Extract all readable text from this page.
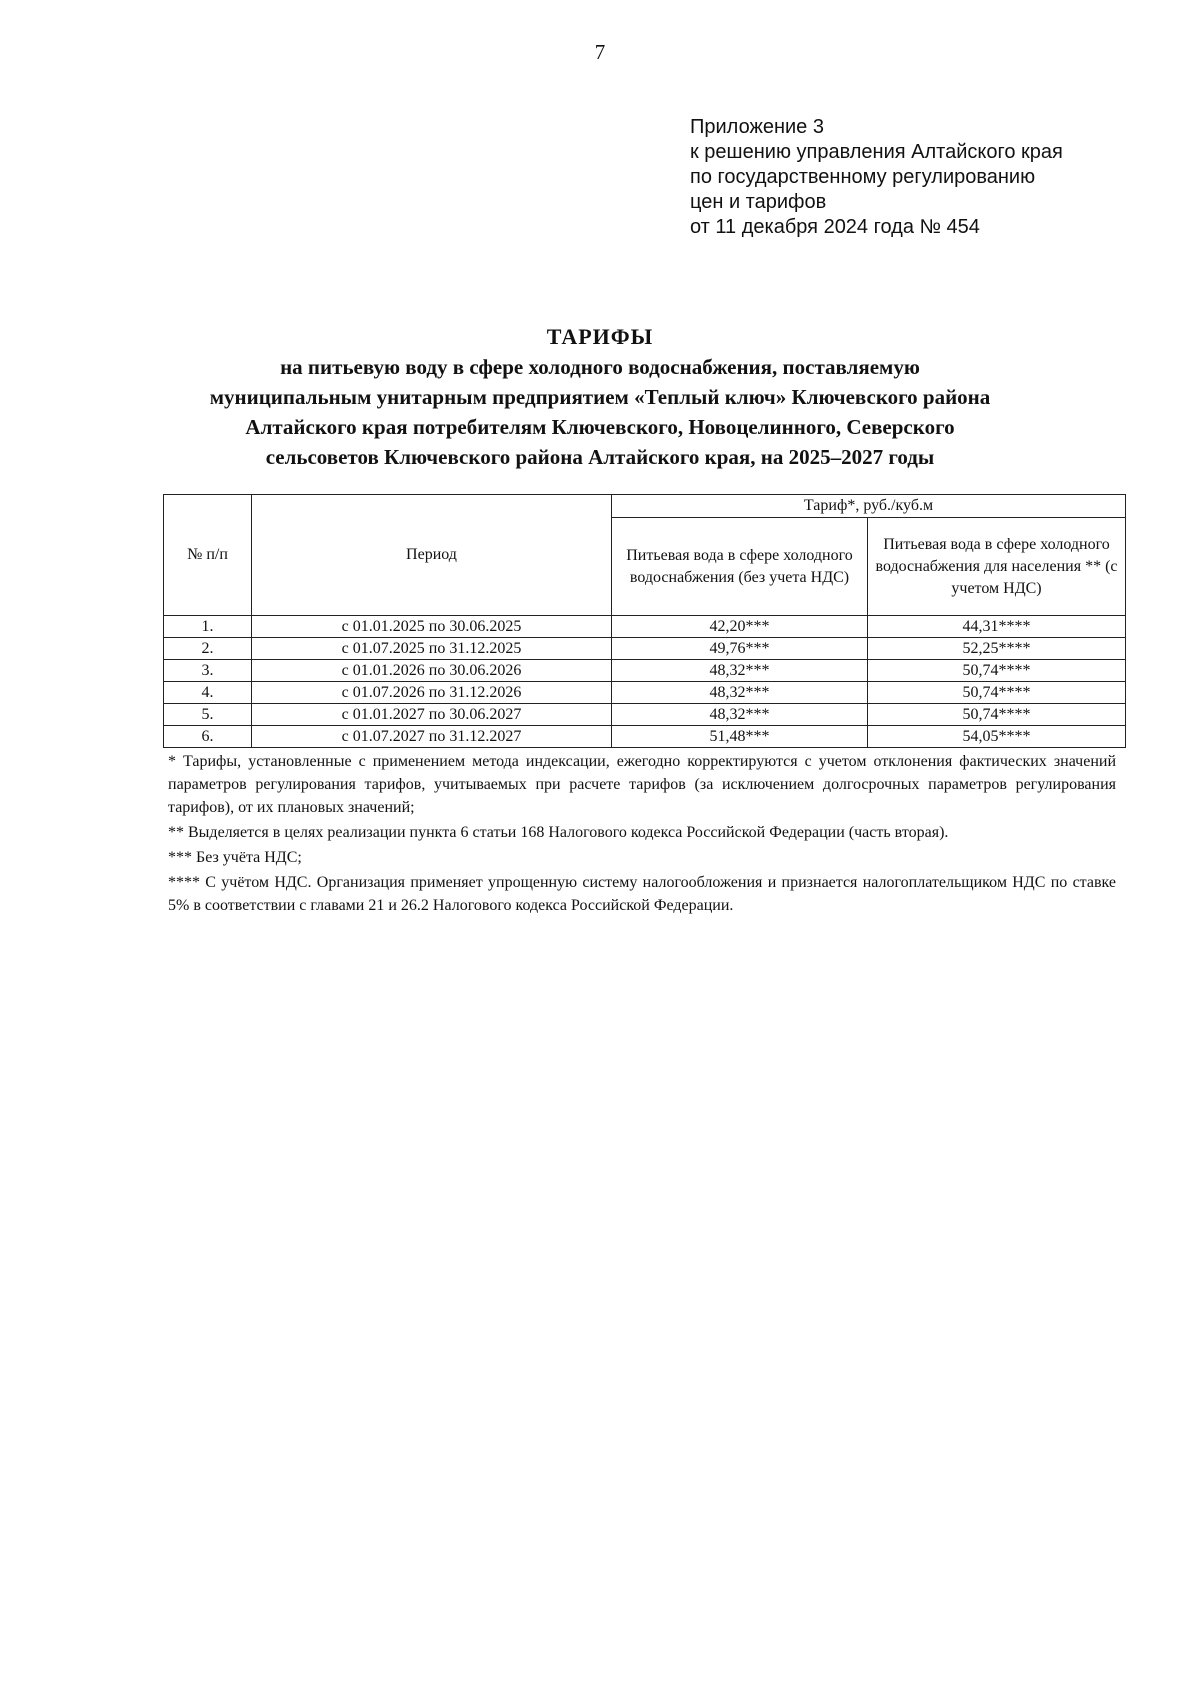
7
Приложение 3
к решению управления Алтайского края
по государственному регулированию
цен и тарифов
от 11 декабря 2024 года № 454
ТАРИФЫ
на питьевую воду в сфере холодного водоснабжения, поставляемую
муниципальным унитарным предприятием «Теплый ключ» Ключевского района
Алтайского края потребителям Ключевского, Новоцелинного, Северского
сельсоветов Ключевского района Алтайского края, на 2025–2027 годы
№ п/п	Период	Тариф*, руб./куб.м	
		Питьевая вода в сфере холодного водоснабжения (без учета НДС)	Питьевая вода в сфере холодного водоснабжения для населения ** (с учетом НДС)
1.	с 01.01.2025 по 30.06.2025	42,20***	44,31****
2.	с 01.07.2025 по 31.12.2025	49,76***	52,25****
3.	с 01.01.2026 по 30.06.2026	48,32***	50,74****
4.	с 01.07.2026 по 31.12.2026	48,32***	50,74****
5.	с 01.01.2027 по 30.06.2027	48,32***	50,74****
6.	с 01.07.2027 по 31.12.2027	51,48***	54,05****

* Тарифы, установленные с применением метода индексации, ежегодно корректируются с учетом отклонения фактических значений параметров регулирования тарифов, учитываемых при расчете тарифов (за исключением долгосрочных параметров регулирования тарифов), от их плановых значений;

** Выделяется в целях реализации пункта 6 статьи 168 Налогового кодекса Российской Федерации (часть вторая).

*** Без учёта НДС;

**** С учётом НДС. Организация применяет упрощенную систему налогообложения и признается налогоплательщиком НДС по ставке 5% в соответствии с главами 21 и 26.2 Налогового кодекса Российской Федерации.
